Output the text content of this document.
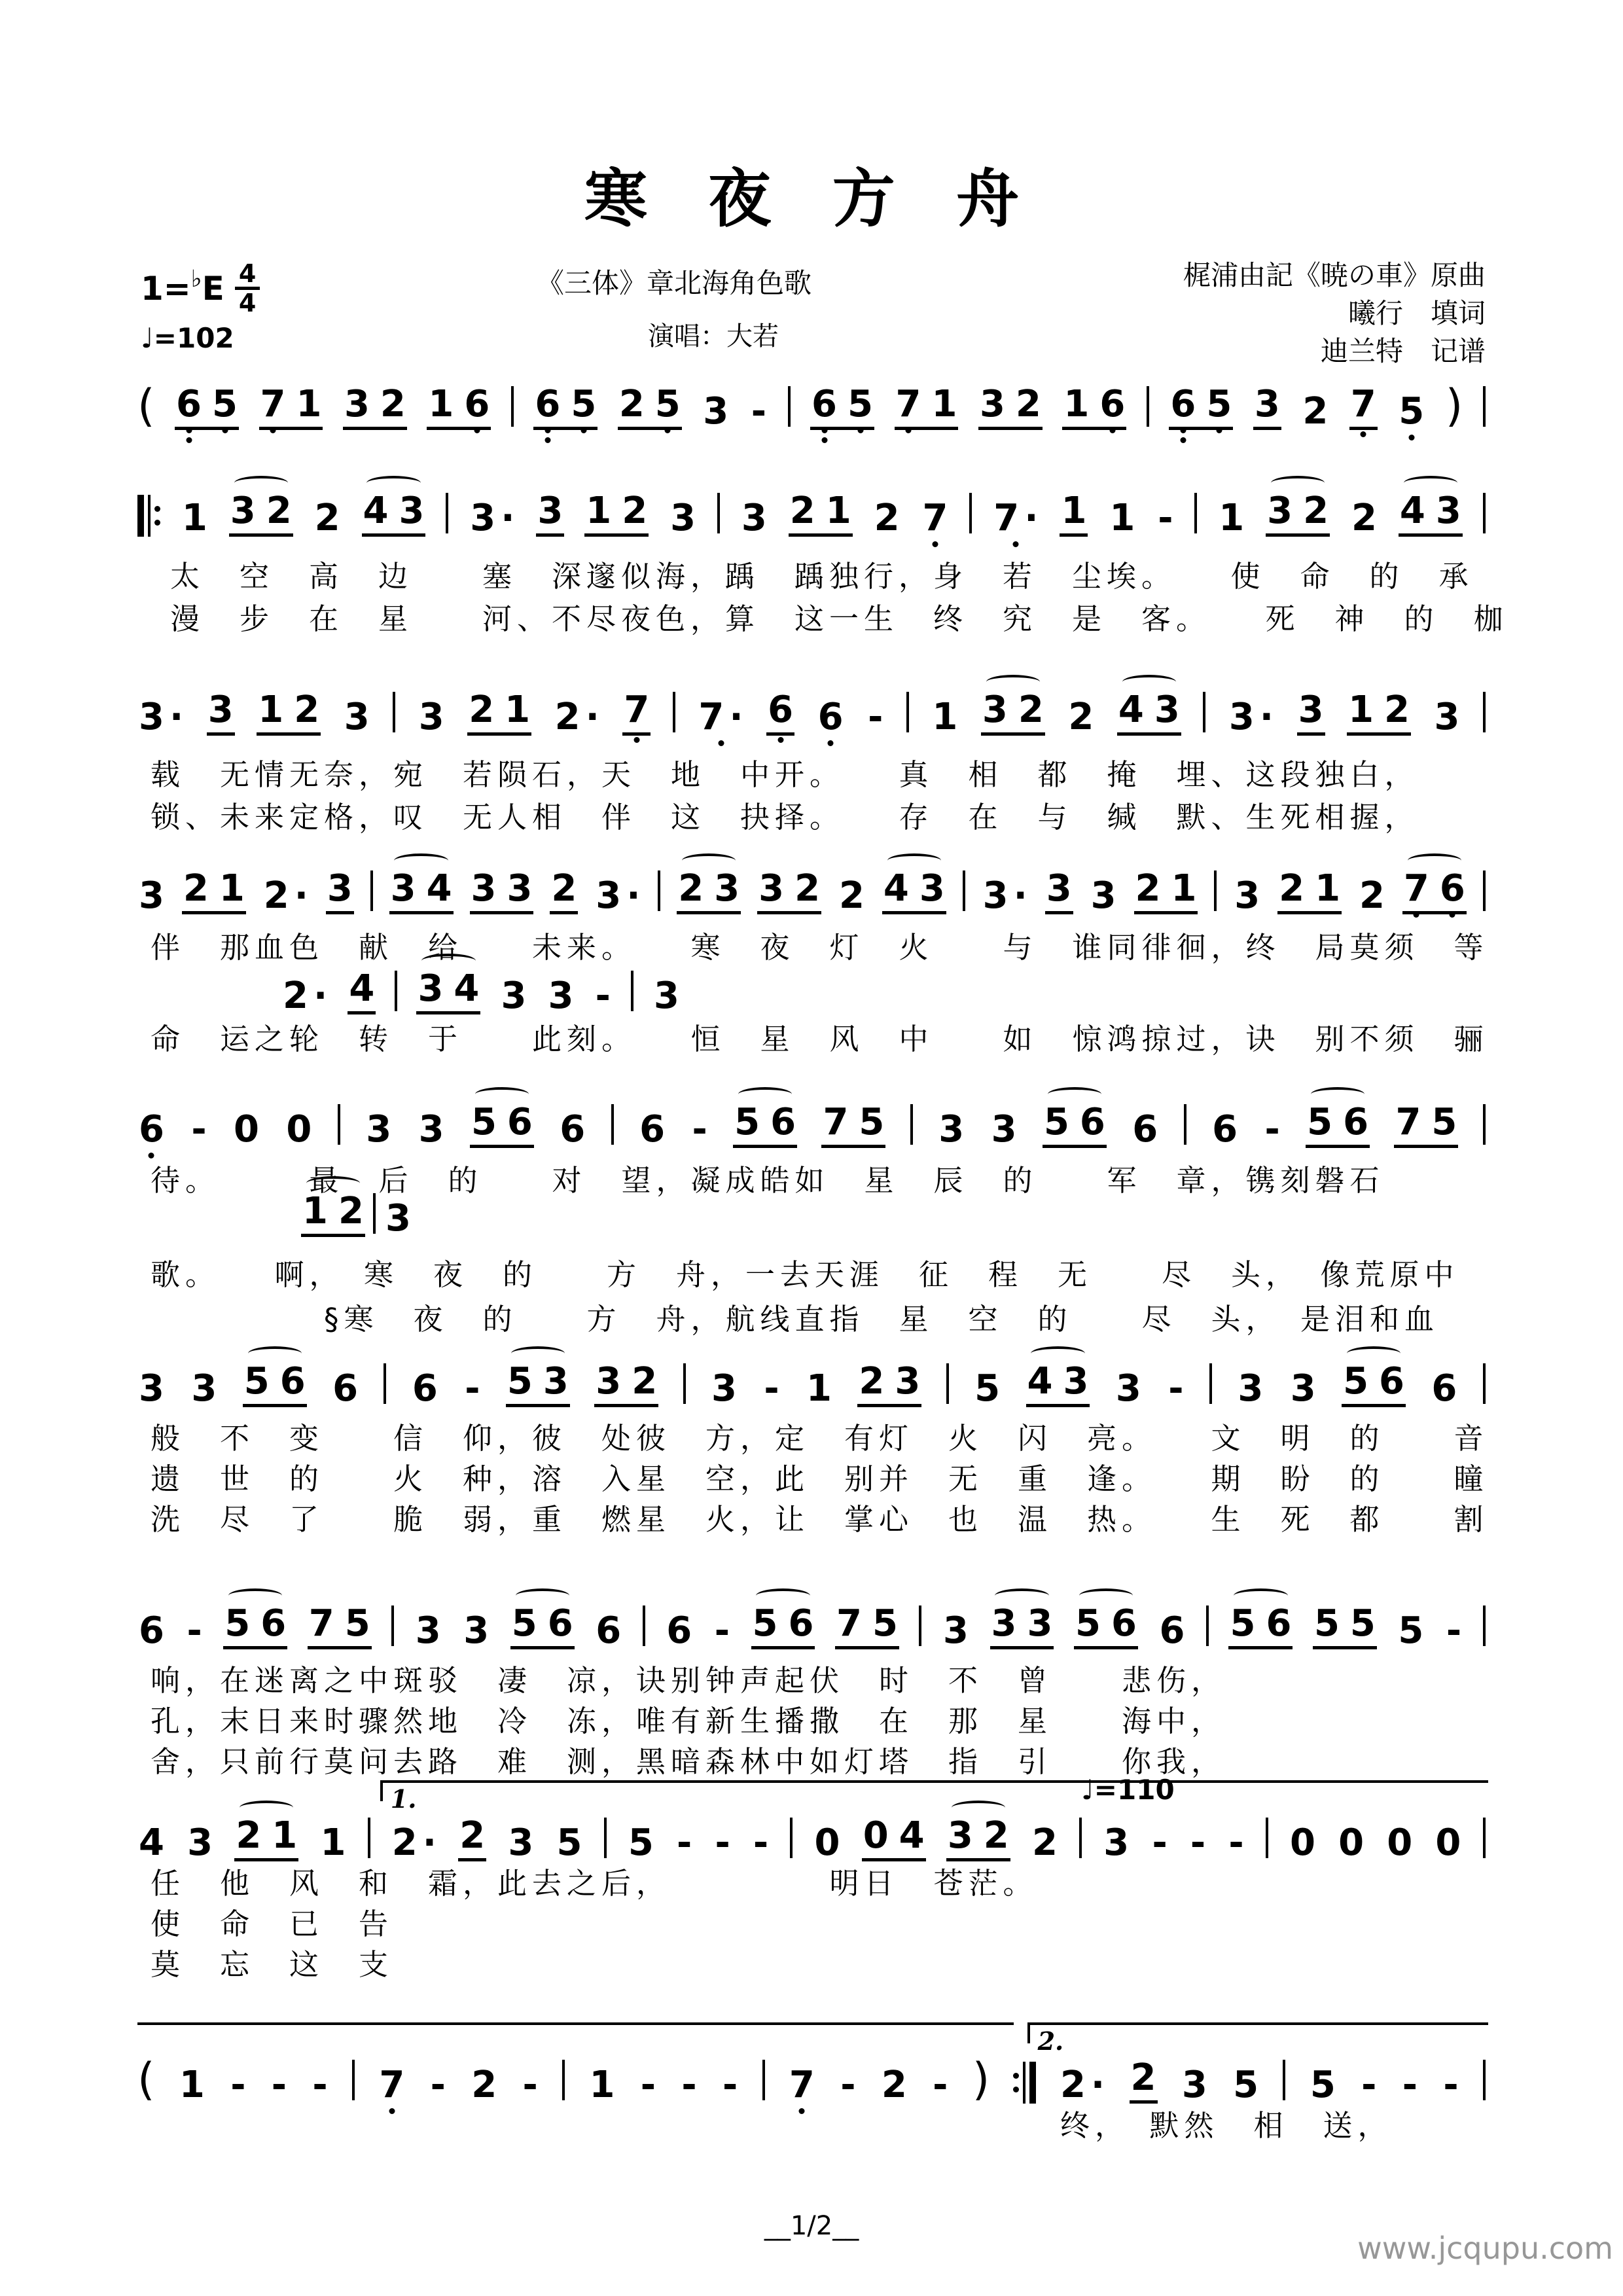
寒 夜 方 舟
《三体》章北海角色歌
演唱：大若
梶浦由記《暁の車》原曲
曦行　填词
迪兰特　记谱
1= ♭ E $\frac{4}{4}$
♩=102
( 6 5 7 1 3 2 1 6 6 5 2 5 3 - 6 5 7 1 3 2 1 6 6 5 3 2 7 5 )
1 3 2 2 4 3 3 · 3 1 2 3 3 2 1 2 7 7 · 1 1 - 1 3 2 2 4 3
3 · 3 1 2 3 3 2 1 2 · 7 7 · 6 6 - 1 3 2 2 4 3 3 · 3 1 2 3
3 2 1 2 · 3 3 4 3 3 2 3 · 2 3 3 2 2 4 3 3 · 3 3 2 1 3 2 1 2 7 6
2 · 4 3 4 3 3 - 3
6 - 0 0 3 3 5 6 6 6 - 5 6 7 5 3 3 5 6 6 6 - 5 6 7 5
1 2 3
3 3 5 6 6 6 - 5 3 3 2 3 - 1 2 3 5 4 3 3 - 3 3 5 6 6
6 - 5 6 7 5 3 3 5 6 6 6 - 5 6 7 5 3 3 3 5 6 6 5 6 5 5 5 -
1.	♩=110
4 3 2 1 1 2 · 2 3 5 5 - - - 0 0 4 3 2 2 3 - - - 0 0 0 0
2.
( 1 - - - 7 - 2 - 1 - - - 7 - 2 - ) 2 · 2 3 5 5 - - -
太　空　高　边　　塞　深邃似海，踽　踽独行，身　若　尘埃。　　使　命　的　承
漫　步　在　星　　河、不尽夜色，算　这一生　终　究　是　客。　　死　神　的　枷
载　无情无奈，宛　若陨石，天　地　中开。　　真　相　都　掩　埋、这段独白，
锁、未来定格，叹　无人相　伴　这　抉择。　　存　在　与　缄　默、生死相握，
伴　那血色　献　给　　未来。　　寒　夜　灯　火　　与　谁同徘徊，终　局莫须　等
命　运之轮　转　于　　此刻。　　恒　星　风　中　　如　惊鸿掠过，诀　别不须　骊
待。　　　最　后　的　　对　望，凝成皓如　星　辰　的　　军　章，镌刻磐石
歌。　　啊，　寒　夜　的　　方　舟，一去天涯　征　程　无　　尽　头，　像荒原中
　　　　　§寒　夜　的　　方　舟，航线直指　星　空　的　　尽　头，　是泪和血
般　不　变　　信　仰，彼　处彼　方，定　有灯　火　闪　亮。　　文　明　的　　音
遗　世　的　　火　种，溶　入星　空，此　别并　无　重　逢。　　期　盼　的　　瞳
洗　尽　了　　脆　弱，重　燃星　火，让　掌心　也　温　热。　　生　死　都　　割
响，在迷离之中斑驳　凄　凉，诀别钟声起伏　时　不　曾　　悲伤，
孔，末日来时骤然地　冷　冻，唯有新生播撒　在　那　星　　海中，
舍，只前行莫问去路　难　测，黑暗森林中如灯塔　指　引　　你我，
任　他　风　和　霜，此去之后，　　　　　明日　苍茫。
使　命　已　告
莫　忘　这　支
终，　默然　相　送，
__1/2__
www.jcqupu.com
